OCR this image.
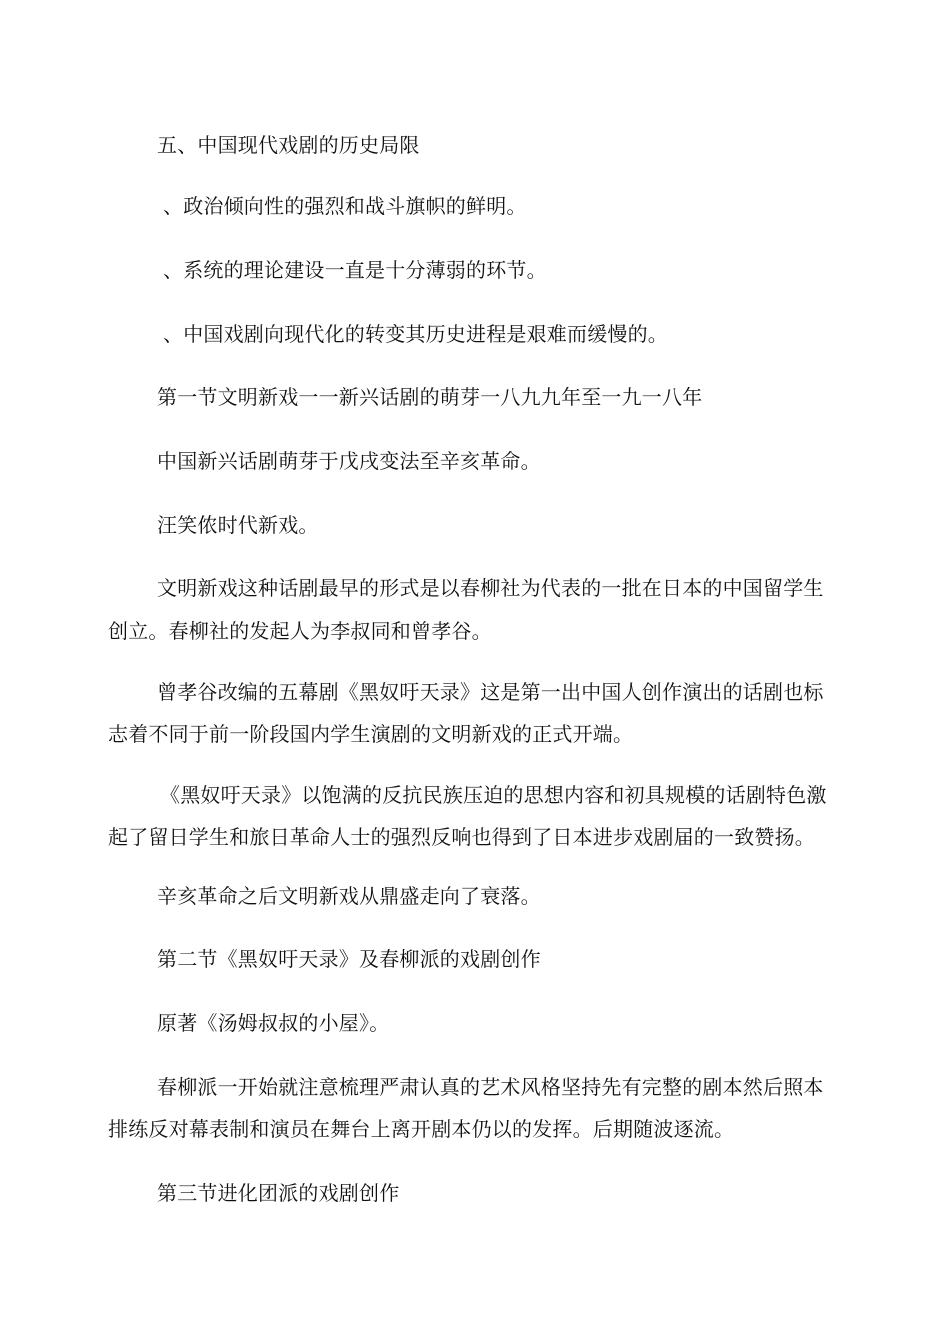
五、中国现代戏剧的历史局限
、政治倾向性的强烈和战斗旗帜的鲜明。
、系统的理论建设一直是十分薄弱的环节。
、中国戏剧向现代化的转变其历史进程是艰难而缓慢的。
第一节文明新戏一一新兴话剧的萌芽一八九九年至一九一八年
中国新兴话剧萌芽于戊戌变法至辛亥革命。
汪笑侬时代新戏。
文明新戏这种话剧最早的形式是以春柳社为代表的一批在日本的中国留学生
创立。春柳社的发起人为李叔同和曾孝谷。
曾孝谷改编的五幕剧《黑奴吁天录》这是第一出中国人创作演出的话剧也标
志着不同于前一阶段国内学生演剧的文明新戏的正式开端。
《黑奴吁天录》以饱满的反抗民族压迫的思想内容和初具规模的话剧特色激
起了留日学生和旅日革命人士的强烈反响也得到了日本进步戏剧届的一致赞扬。
辛亥革命之后文明新戏从鼎盛走向了衰落。
第二节《黑奴吁天录》及春柳派的戏剧创作
原著《汤姆叔叔的小屋》。
春柳派一开始就注意梳理严肃认真的艺术风格坚持先有完整的剧本然后照本
排练反对幕表制和演员在舞台上离开剧本仍以的发挥。后期随波逐流。
第三节进化团派的戏剧创作
